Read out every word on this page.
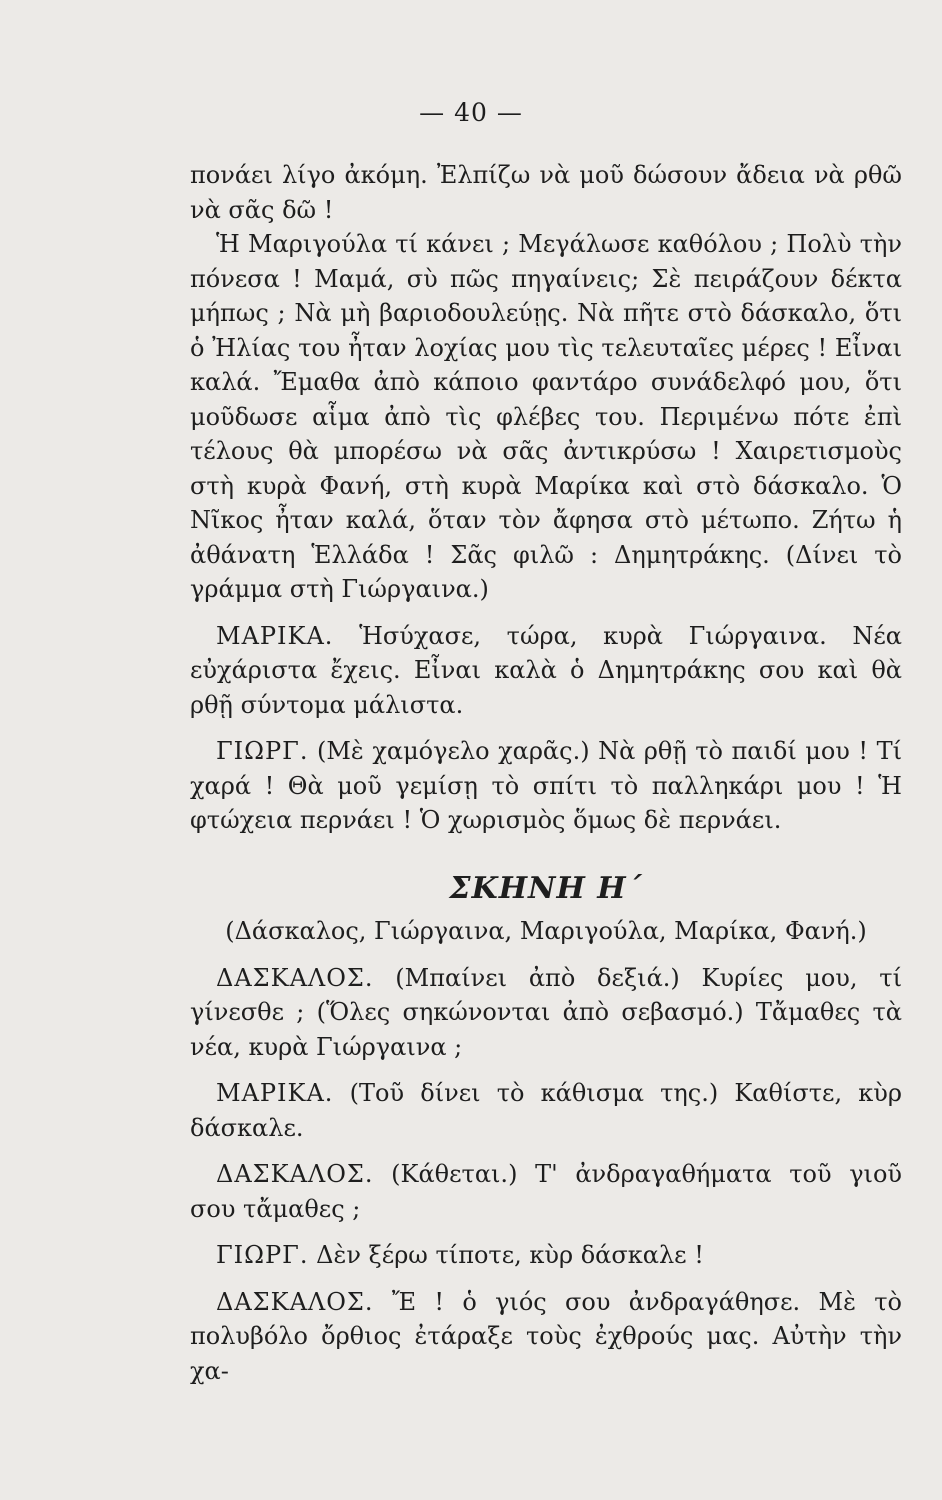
— 40 —

πονάει λίγο ἀκόμη. Ἐλπίζω νὰ μοῦ δώσουν ἄδεια νὰ ρθῶ νὰ σᾶς δῶ !

Ἡ Μαριγούλα τί κάνει ; Μεγάλωσε καθόλου ; Πολὺ τὴν πόνεσα ! Μαμά, σὺ πῶς πηγαίνεις; Σὲ πειράζουν δέκτα μήπως ; Νὰ μὴ βαριοδουλεύῃς. Νὰ πῆτε στὸ δάσκαλο, ὅτι ὁ Ἠλίας του ἦταν λοχίας μου τὶς τελευταῖες μέρες ! Εἶναι καλά. Ἔμαθα ἀπὸ κάποιο φαντάρο συνάδελφό μου, ὅτι μοῦδωσε αἷμα ἀπὸ τὶς φλέβες του. Περιμένω πότε ἐπὶ τέλους θὰ μπορέσω νὰ σᾶς ἀντικρύσω ! Χαιρετισμοὺς στὴ κυρὰ Φανή, στὴ κυρὰ Μαρίκα καὶ στὸ δάσκαλο. Ὁ Νῖκος ἦταν καλά, ὅταν τὸν ἄφησα στὸ μέτωπο. Ζήτω ἡ ἀθάνατη Ἑλλάδα ! Σᾶς φιλῶ : Δημητράκης. (Δίνει τὸ γράμμα στὴ Γιώργαινα.)

ΜΑΡΙΚΑ. Ἡσύχασε, τώρα, κυρὰ Γιώργαινα. Νέα εὐχάριστα ἔχεις. Εἶναι καλὰ ὁ Δημητράκης σου καὶ θὰ ρθῇ σύντομα μάλιστα.

ΓΙΩΡΓ. (Μὲ χαμόγελο χαρᾶς.) Νὰ ρθῇ τὸ παιδί μου ! Τί χαρά ! Θὰ μοῦ γεμίσῃ τὸ σπίτι τὸ παλληκάρι μου ! Ἡ φτώχεια περνάει ! Ὁ χωρισμὸς ὅμως δὲ περνάει.

ΣΚΗΝΗ Η΄

(Δάσκαλος, Γιώργαινα, Μαριγούλα, Μαρίκα, Φανή.)

ΔΑΣΚΑΛΟΣ. (Μπαίνει ἀπὸ δεξιά.) Κυρίες μου, τί γίνεσθε ; (Ὅλες σηκώνονται ἀπὸ σεβασμό.) Τἄμαθες τὰ νέα, κυρὰ Γιώργαινα ;

ΜΑΡΙΚΑ. (Τοῦ δίνει τὸ κάθισμα της.) Καθίστε, κὺρ δάσκαλε.

ΔΑΣΚΑΛΟΣ. (Κάθεται.) Τ' ἀνδραγαθήματα τοῦ γιοῦ σου τἄμαθες ;

ΓΙΩΡΓ. Δὲν ξέρω τίποτε, κὺρ δάσκαλε !

ΔΑΣΚΑΛΟΣ. Ἔ ! ὁ γιός σου ἀνδραγάθησε. Μὲ τὸ πολυβόλο ὄρθιος ἐτάραξε τοὺς ἐχθρούς μας. Αὐτὴν τὴν χα-
